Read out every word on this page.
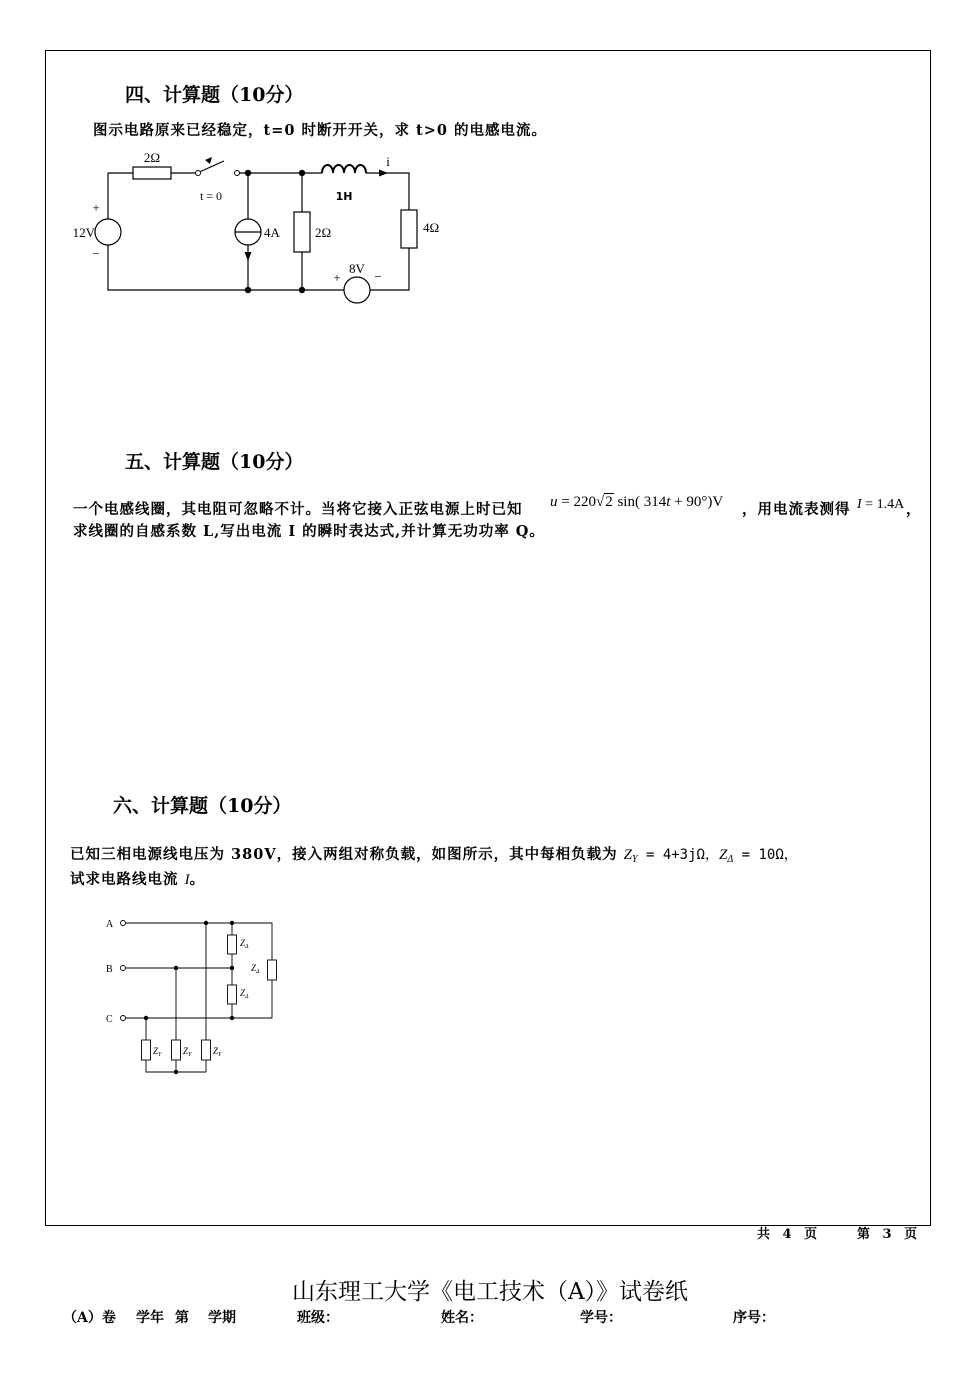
四、计算题（10分）
图示电路原来已经稳定，t=0 时断开开关，求 t>0 的电感电流。
2Ω
t = 0	1H
i
4Ω
+
12V
−
4A	2Ω
+
8V
−
五、计算题（10分）
一个电感线圈，其电阻可忽略不计。当将它接入正弦电源上时已知 u = 220√2 sin( 314t + 90°)V ，用电流表测得 I = 1.4A ，
求线圈的自感系数 L,写出电流 I 的瞬时表达式,并计算无功功率 Q。
六、计算题（10分）
已知三相电源线电压为 380V，接入两组对称负载，如图所示，其中每相负载为 $Z_Y = 4+3j\Omega$，$Z_\Delta = 10\Omega$，
试求电路线电流 I。
A
B
C
$Z_\Delta$
$Z_\Delta$
$Z_\Delta$
$Z_Y$ $Z_Y$ $Z_Y$
共 4 页	第 3 页
山东理工大学《电工技术（A）》试卷纸
（A）卷 学年 第 学期	班级：	姓名：	学号：	序号：
